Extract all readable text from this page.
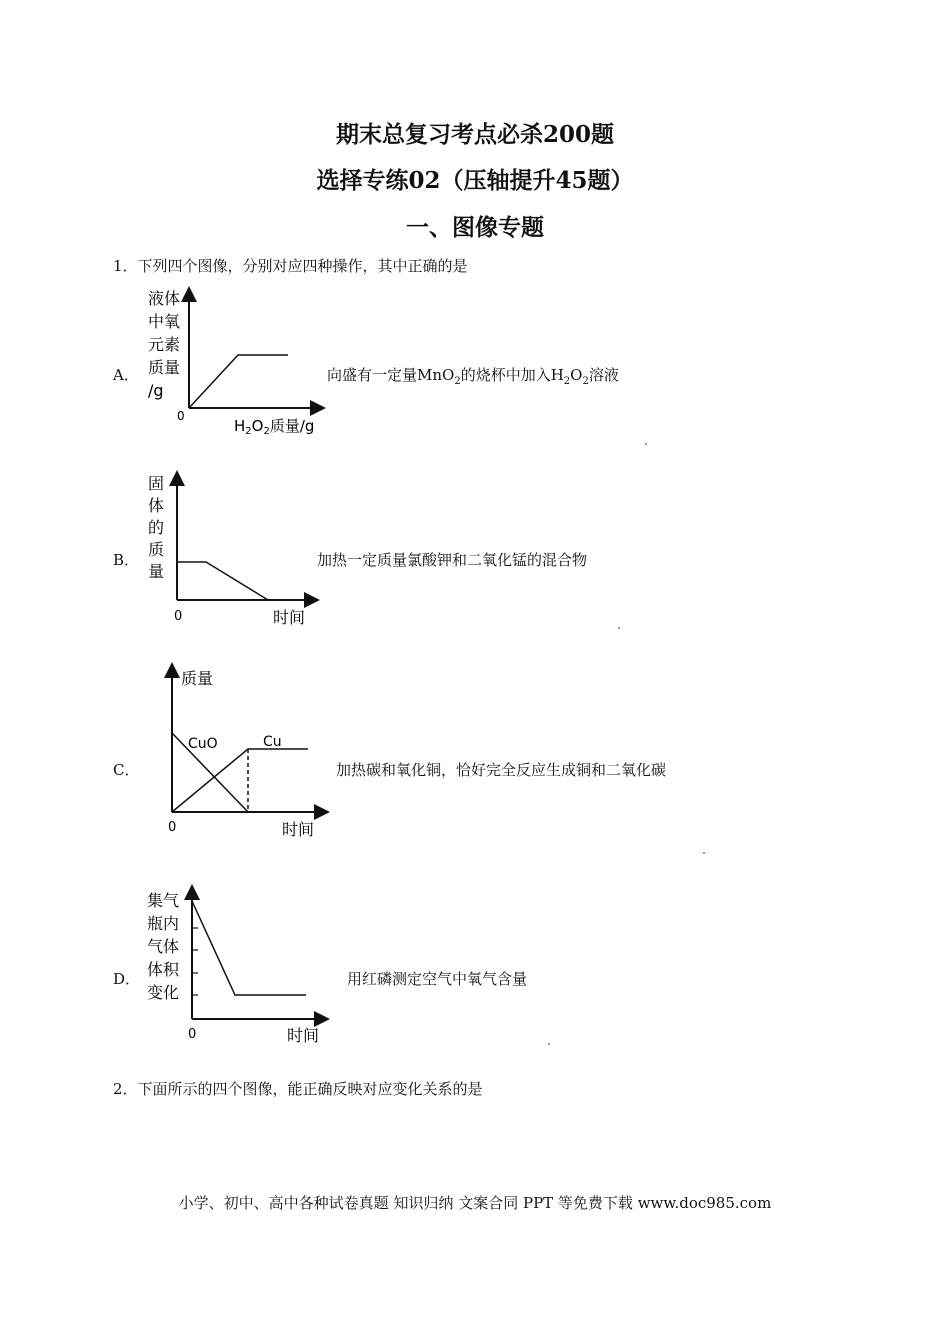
期末总复习考点必杀200题
选择专练02（压轴提升45题）
一、图像专题
1．下列四个图像，分别对应四种操作，其中正确的是
A．
液体
中氧
元素
质量
/g
0
$H_2O_2$质量/g
向盛有一定量MnO$_2$的烧杯中加入$H_2O_2$溶液
B．
固
体
的
质
量
0	时间
加热一定质量氯酸钾和二氧化锰的混合物
C．
质量
CuO	Cu
0	时间
加热碳和氧化铜，恰好完全反应生成铜和二氧化碳
D．
集气
瓶内
气体
体积
变化
0	时间
用红磷测定空气中氧气含量
2．下面所示的四个图像，能正确反映对应变化关系的是
小学、初中、高中各种试卷真题 知识归纳 文案合同 PPT 等免费下载 www.doc985.com
